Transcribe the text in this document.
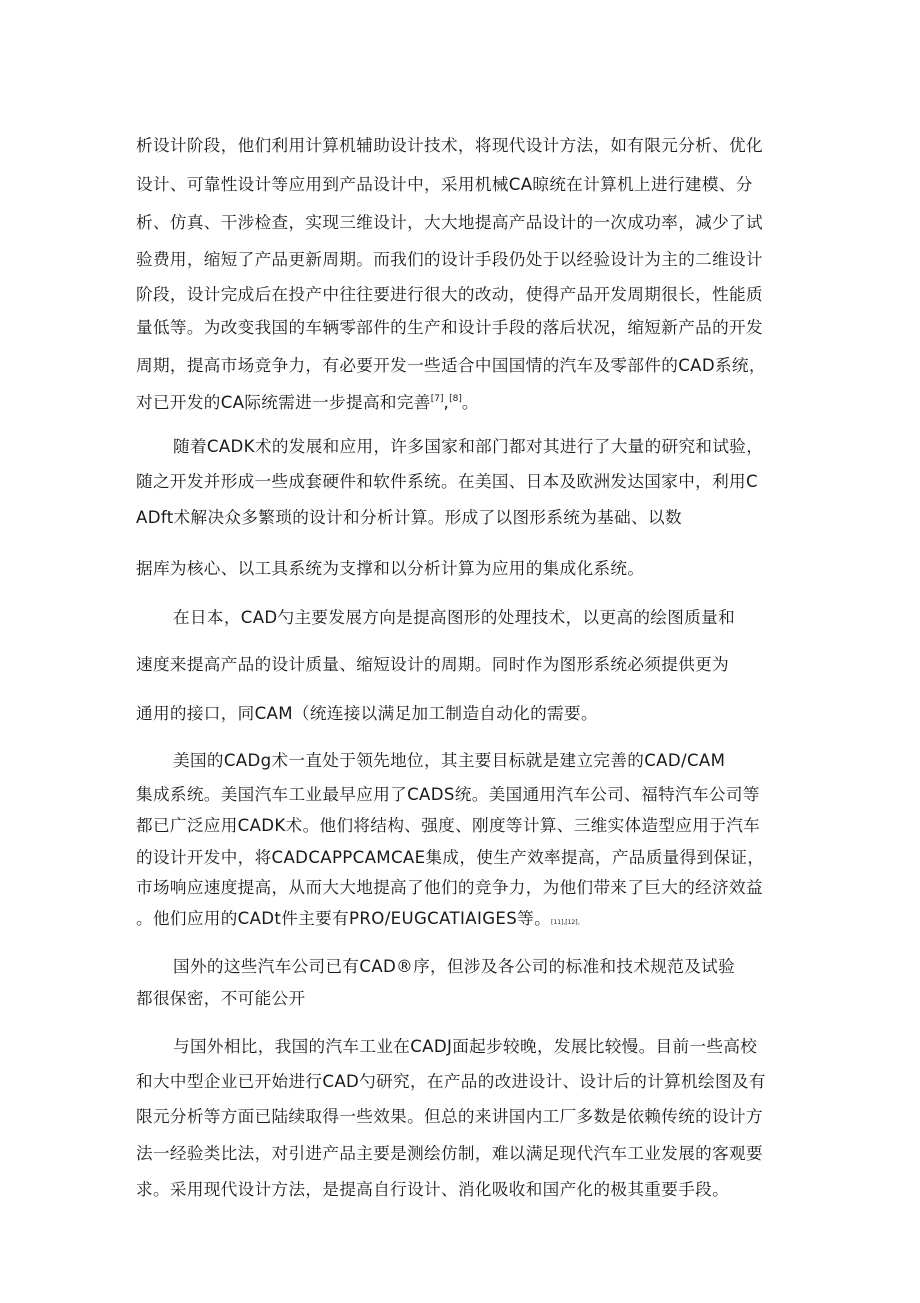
析设计阶段，他们利用计算机辅助设计技术，将现代设计方法，如有限元分析、优化

设计、可靠性设计等应用到产品设计中，采用机械CA晾统在计算机上进行建模、分

析、仿真、干涉检查，实现三维设计，大大地提高产品设计的一次成功率，减少了试

验费用，缩短了产品更新周期。而我们的设计手段仍处于以经验设计为主的二维设计

阶段，设计完成后在投产中往往要进行很大的改动，使得产品开发周期很长，性能质

量低等。为改变我国的车辆零部件的生产和设计手段的落后状况，缩短新产品的开发

周期，提高市场竞争力，有必要开发一些适合中国国情的汽车及零部件的CAD系统，

对已开发的CA际统需进一步提高和完善[7],[8]。

随着CADK术的发展和应用，许多国家和部门都对其进行了大量的研究和试验，

随之开发并形成一些成套硬件和软件系统。在美国、日本及欧洲发达国家中，利用C

ADft术解决众多繁琐的设计和分析计算。形成了以图形系统为基础、以数

据库为核心、以工具系统为支撑和以分析计算为应用的集成化系统。

在日本，CAD勺主要发展方向是提高图形的处理技术，以更高的绘图质量和

速度来提高产品的设计质量、缩短设计的周期。同时作为图形系统必须提供更为

通用的接口，同CAM（统连接以满足加工制造自动化的需要。

美国的CADg术一直处于领先地位，其主要目标就是建立完善的CAD/CAM

集成系统。美国汽车工业最早应用了CADS统。美国通用汽车公司、福特汽车公司等

都已广泛应用CADK术。他们将结构、强度、刚度等计算、三维实体造型应用于汽车

的设计开发中，将CADCAPPCAMCAE集成，使生产效率提高，产品质量得到保证，

市场响应速度提高，从而大大地提高了他们的竞争力，为他们带来了巨大的经济效益

。他们应用的CADt件主要有PRO/EUGCATIAIGES等。[11],[12]。

国外的这些汽车公司已有CAD®序，但涉及各公司的标准和技术规范及试验

都很保密，不可能公开

与国外相比，我国的汽车工业在CADJ面起步较晚，发展比较慢。目前一些高校

和大中型企业已开始进行CAD勺研究，在产品的改进设计、设计后的计算机绘图及有

限元分析等方面已陆续取得一些效果。但总的来讲国内工厂多数是依赖传统的设计方

法一经验类比法，对引进产品主要是测绘仿制，难以满足现代汽车工业发展的客观要

求。采用现代设计方法，是提高自行设计、消化吸收和国产化的极其重要手段。
